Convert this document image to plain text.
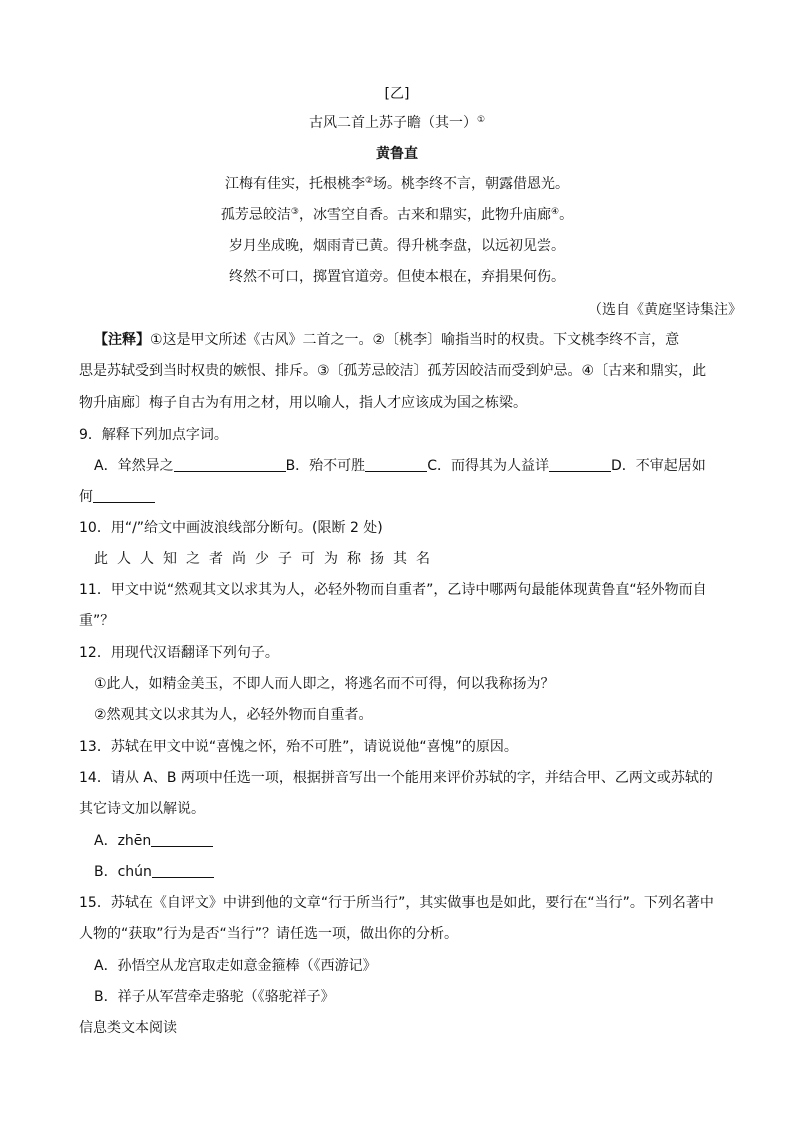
[乙]
古风二首上苏子瞻（其一）①
黄鲁直
江梅有佳实，托根桃李②场。桃李终不言，朝露借恩光。
孤芳忌皎洁③，冰雪空自香。古来和鼎实，此物升庙廊④。
岁月坐成晚，烟雨青已黄。得升桃李盘，以远初见尝。
终然不可口，掷置官道旁。但使本根在，弃捐果何伤。
（选自《黄庭坚诗集注》
【注释】①这是甲文所述《古风》二首之一。②〔桃李〕喻指当时的权贵。下文桃李终不言，意
思是苏轼受到当时权贵的嫉恨、排斥。③〔孤芳忌皎洁〕孤芳因皎洁而受到妒忌。④〔古来和鼎实，此
物升庙廊〕梅子自古为有用之材，用以喻人，指人才应该成为国之栋梁。
9．解释下列加点字词。
A．耸然异之	B．殆不可胜	C．而得其为人益详	D．不审起居如
何
10．用“/”给文中画波浪线部分断句。(限断 2 处)
此人人知之者尚少子可为称扬其名
11．甲文中说“然观其文以求其为人，必轻外物而自重者”，乙诗中哪两句最能体现黄鲁直“轻外物而自
重”？
12．用现代汉语翻译下列句子。
①此人，如精金美玉，不即人而人即之，将逃名而不可得，何以我称扬为？
②然观其文以求其为人，必轻外物而自重者。
13．苏轼在甲文中说“喜愧之怀，殆不可胜”，请说说他“喜愧”的原因。
14．请从 A、B 两项中任选一项，根据拼音写出一个能用来评价苏轼的字，并结合甲、乙两文或苏轼的
其它诗文加以解说。
A．zhēn
B．chún
15．苏轼在《自评文》中讲到他的文章“行于所当行”，其实做事也是如此，要行在“当行”。下列名著中
人物的“获取”行为是否“当行”？请任选一项，做出你的分析。
A．孙悟空从龙宫取走如意金箍棒（《西游记》
B．祥子从军营牵走骆驼（《骆驼祥子》
信息类文本阅读
